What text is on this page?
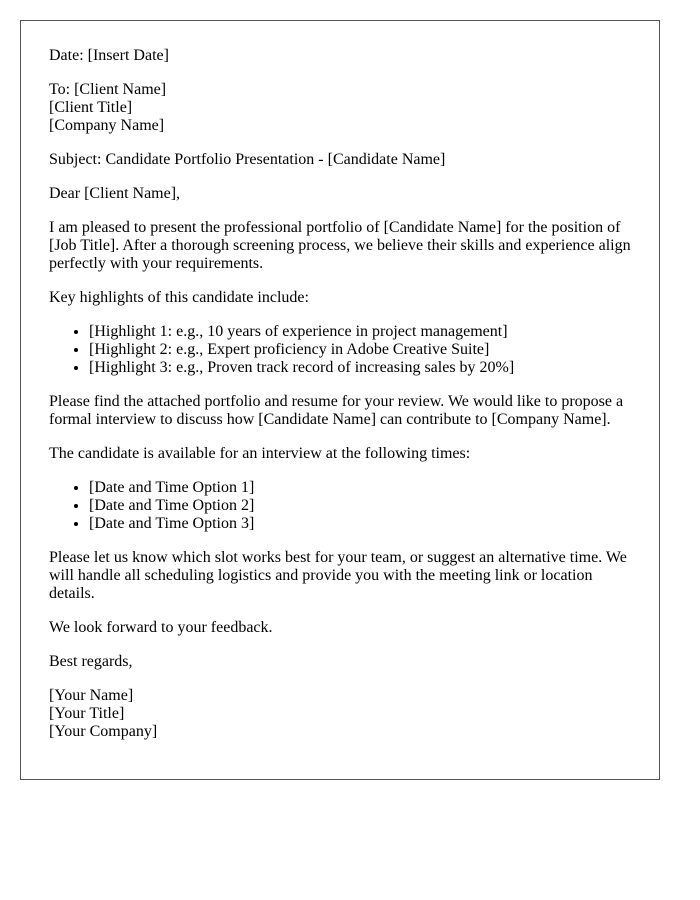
Date: [Insert Date]

To: [Client Name]
[Client Title]
[Company Name]

Subject: Candidate Portfolio Presentation - [Candidate Name]

Dear [Client Name],

I am pleased to present the professional portfolio of [Candidate Name] for the position of [Job Title]. After a thorough screening process, we believe their skills and experience align perfectly with your requirements.

Key highlights of this candidate include:

• [Highlight 1: e.g., 10 years of experience in project management]
• [Highlight 2: e.g., Expert proficiency in Adobe Creative Suite]
• [Highlight 3: e.g., Proven track record of increasing sales by 20%]

Please find the attached portfolio and resume for your review. We would like to propose a formal interview to discuss how [Candidate Name] can contribute to [Company Name].

The candidate is available for an interview at the following times:

• [Date and Time Option 1]
• [Date and Time Option 2]
• [Date and Time Option 3]

Please let us know which slot works best for your team, or suggest an alternative time. We will handle all scheduling logistics and provide you with the meeting link or location details.

We look forward to your feedback.

Best regards,

[Your Name]
[Your Title]
[Your Company]
